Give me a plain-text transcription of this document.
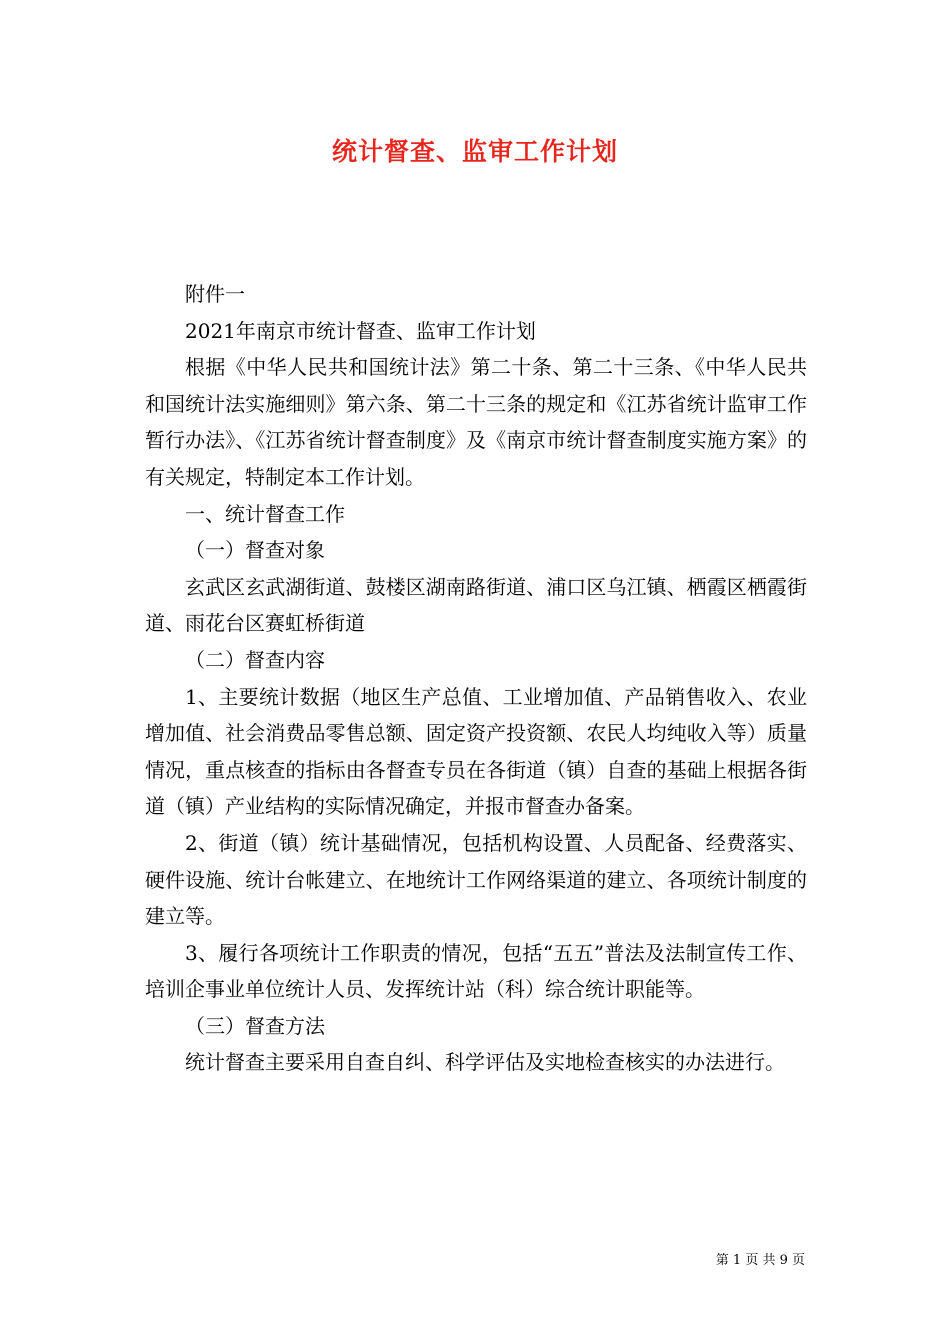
统计督查、监审工作计划

附件一

2021年南京市统计督查、监审工作计划

根据《中华人民共和国统计法》第二十条、第二十三条、《中华人民共和国统计法实施细则》第六条、第二十三条的规定和《江苏省统计监审工作暂行办法》、《江苏省统计督查制度》及《南京市统计督查制度实施方案》的有关规定，特制定本工作计划。

一、统计督查工作

（一）督查对象

玄武区玄武湖街道、鼓楼区湖南路街道、浦口区乌江镇、栖霞区栖霞街道、雨花台区赛虹桥街道

（二）督查内容

1、主要统计数据（地区生产总值、工业增加值、产品销售收入、农业增加值、社会消费品零售总额、固定资产投资额、农民人均纯收入等）质量情况，重点核查的指标由各督查专员在各街道（镇）自查的基础上根据各街道（镇）产业结构的实际情况确定，并报市督查办备案。

2、街道（镇）统计基础情况，包括机构设置、人员配备、经费落实、硬件设施、统计台帐建立、在地统计工作网络渠道的建立、各项统计制度的建立等。

3、履行各项统计工作职责的情况，包括“五五”普法及法制宣传工作、培训企事业单位统计人员、发挥统计站（科）综合统计职能等。

（三）督查方法

统计督查主要采用自查自纠、科学评估及实地检查核实的办法进行。

第 1 页 共 9 页
